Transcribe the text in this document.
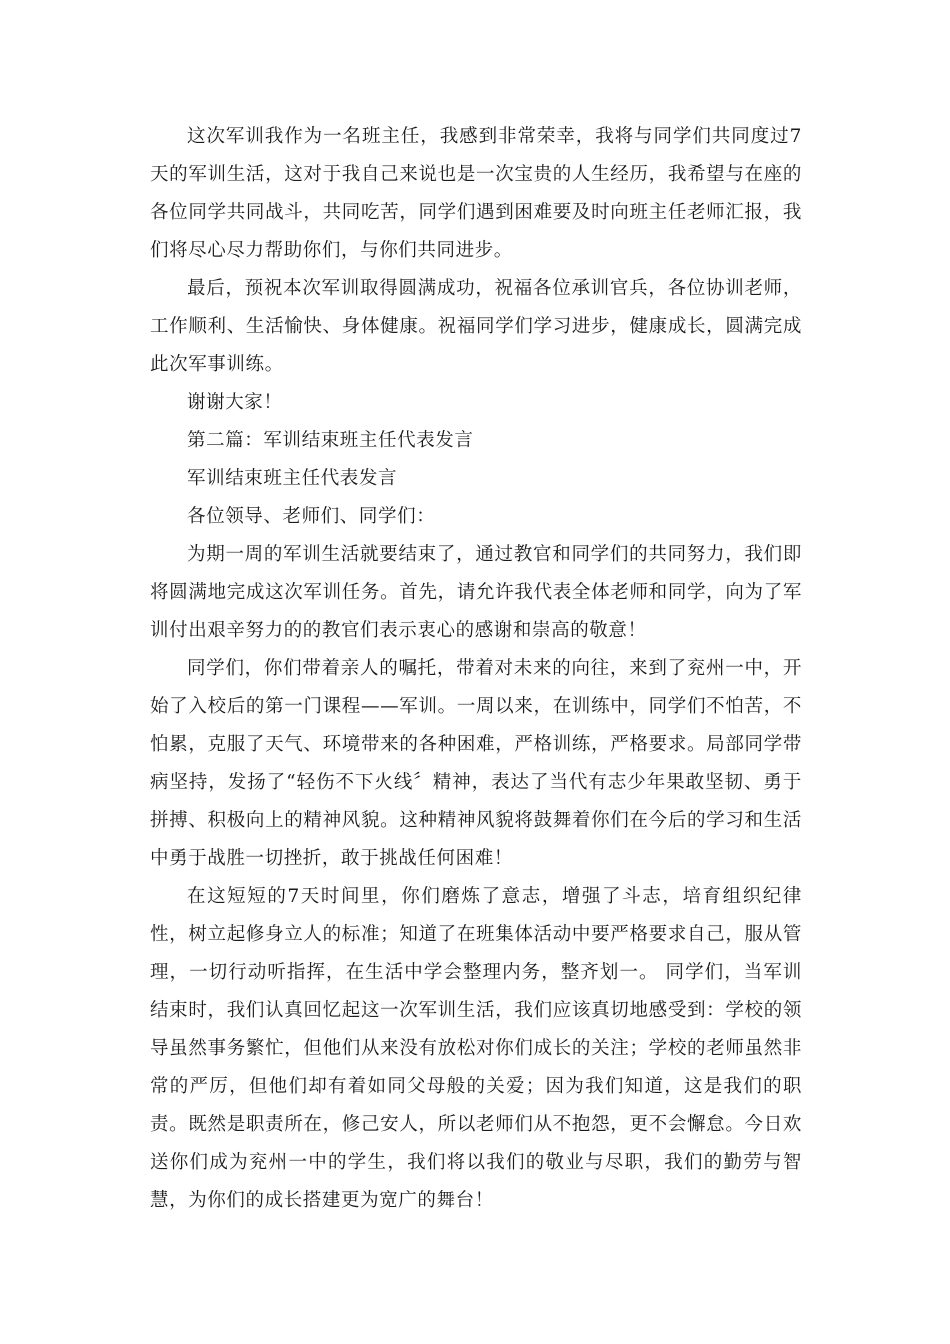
这次军训我作为一名班主任，我感到非常荣幸，我将与同学们共同度过7天的军训生活，这对于我自己来说也是一次宝贵的人生经历，我希望与在座的各位同学共同战斗，共同吃苦，同学们遇到困难要及时向班主任老师汇报，我们将尽心尽力帮助你们，与你们共同进步。

最后，预祝本次军训取得圆满成功，祝福各位承训官兵，各位协训老师，工作顺利、生活愉快、身体健康。祝福同学们学习进步，健康成长，圆满完成此次军事训练。

谢谢大家！

第二篇：军训结束班主任代表发言

军训结束班主任代表发言

各位领导、老师们、同学们：

为期一周的军训生活就要结束了，通过教官和同学们的共同努力，我们即将圆满地完成这次军训任务。首先，请允许我代表全体老师和同学，向为了军训付出艰辛努力的的教官们表示衷心的感谢和崇高的敬意！

同学们，你们带着亲人的嘱托，带着对未来的向往，来到了兖州一中，开始了入校后的第一门课程——军训。一周以来，在训练中，同学们不怕苦，不怕累，克服了天气、环境带来的各种困难，严格训练，严格要求。局部同学带病坚持，发扬了“轻伤不下火线〞精神，表达了当代有志少年果敢坚韧、勇于拼搏、积极向上的精神风貌。这种精神风貌将鼓舞着你们在今后的学习和生活中勇于战胜一切挫折，敢于挑战任何困难！

在这短短的7天时间里，你们磨炼了意志，增强了斗志，培育组织纪律性，树立起修身立人的标准；知道了在班集体活动中要严格要求自己，服从管理，一切行动听指挥，在生活中学会整理内务，整齐划一。 同学们，当军训结束时，我们认真回忆起这一次军训生活，我们应该真切地感受到：学校的领导虽然事务繁忙，但他们从来没有放松对你们成长的关注；学校的老师虽然非常的严厉，但他们却有着如同父母般的关爱；因为我们知道，这是我们的职责。既然是职责所在，修己安人，所以老师们从不抱怨，更不会懈怠。今日欢送你们成为兖州一中的学生，我们将以我们的敬业与尽职，我们的勤劳与智慧，为你们的成长搭建更为宽广的舞台！
